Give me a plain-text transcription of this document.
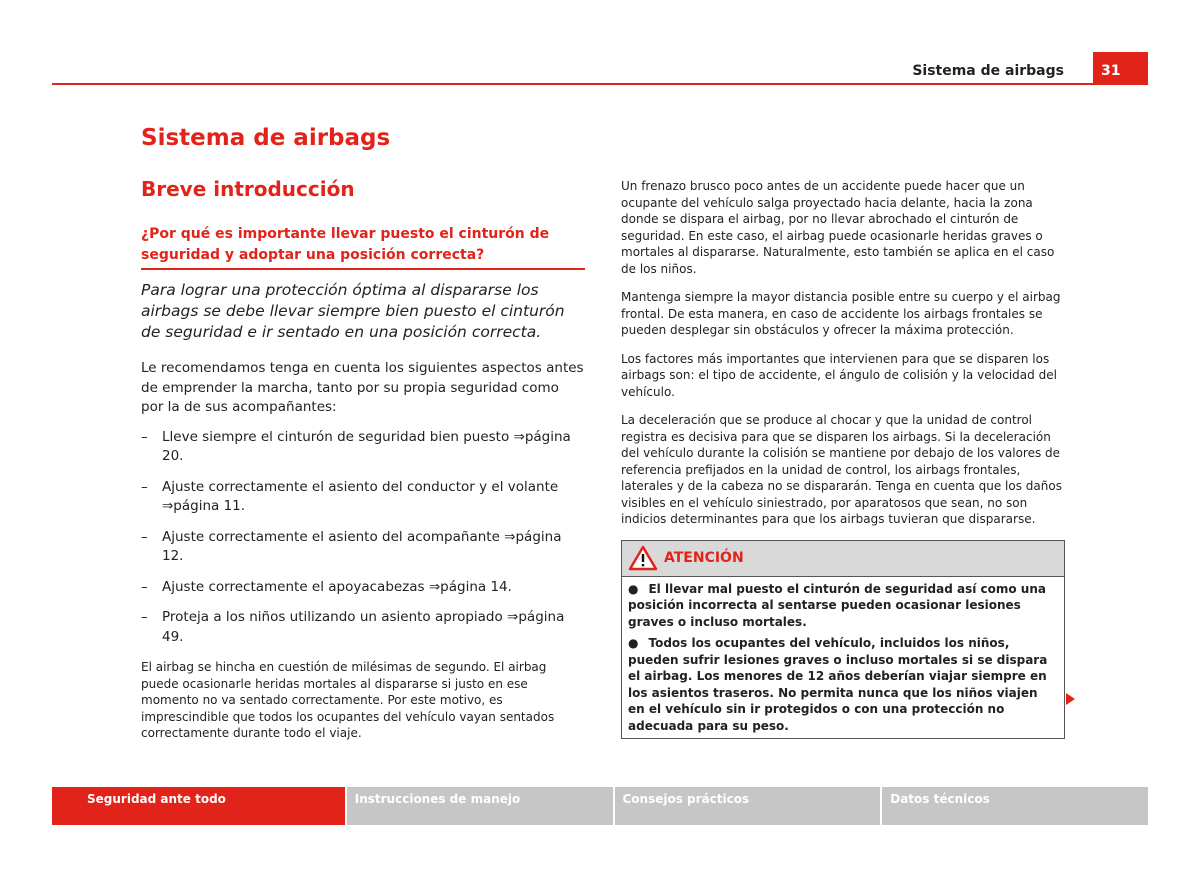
31
Sistema de airbags
Sistema de airbags
Breve introducción
¿Por qué es importante llevar puesto el cinturón de seguridad y adoptar una posición correcta?

Para lograr una protección óptima al dispararse los airbags se debe llevar siempre bien puesto el cinturón de seguridad e ir sentado en una posición correcta.

Le recomendamos tenga en cuenta los siguientes aspectos antes de emprender la marcha, tanto por su propia seguridad como por la de sus acompañantes:

– Lleve siempre el cinturón de seguridad bien puesto ⇒página 20.
– Ajuste correctamente el asiento del conductor y el volante ⇒página 11.
– Ajuste correctamente el asiento del acompañante ⇒página 12.
– Ajuste correctamente el apoyacabezas ⇒página 14.
– Proteja a los niños utilizando un asiento apropiado ⇒página 49.

El airbag se hincha en cuestión de milésimas de segundo. El airbag puede ocasionarle heridas mortales al dispararse si justo en ese momento no va sentado correctamente. Por este motivo, es imprescindible que todos los ocupantes del vehículo vayan sentados correctamente durante todo el viaje.

Un frenazo brusco poco antes de un accidente puede hacer que un ocupante del vehículo salga proyectado hacia delante, hacia la zona donde se dispara el airbag, por no llevar abrochado el cinturón de seguridad. En este caso, el airbag puede ocasionarle heridas graves o mortales al dispararse. Naturalmente, esto también se aplica en el caso de los niños.

Mantenga siempre la mayor distancia posible entre su cuerpo y el airbag frontal. De esta manera, en caso de accidente los airbags frontales se pueden desplegar sin obstáculos y ofrecer la máxima protección.

Los factores más importantes que intervienen para que se disparen los airbags son: el tipo de accidente, el ángulo de colisión y la velocidad del vehículo.

La deceleración que se produce al chocar y que la unidad de control registra es decisiva para que se disparen los airbags. Si la deceleración del vehículo durante la colisión se mantiene por debajo de los valores de referencia prefijados en la unidad de control, los airbags frontales, laterales y de la cabeza no se dispararán. Tenga en cuenta que los daños visibles en el vehículo siniestrado, por aparatosos que sean, no son indicios determinantes para que los airbags tuvieran que dispararse.

ATENCIÓN

● El llevar mal puesto el cinturón de seguridad así como una posición incorrecta al sentarse pueden ocasionar lesiones graves o incluso mortales.

● Todos los ocupantes del vehículo, incluidos los niños, pueden sufrir lesiones graves o incluso mortales si se dispara el airbag. Los menores de 12 años deberían viajar siempre en los asientos traseros. No permita nunca que los niños viajen en el vehículo sin ir protegidos o con una protección no adecuada para su peso.

Seguridad ante todo	Instrucciones de manejo	Consejos prácticos	Datos técnicos
